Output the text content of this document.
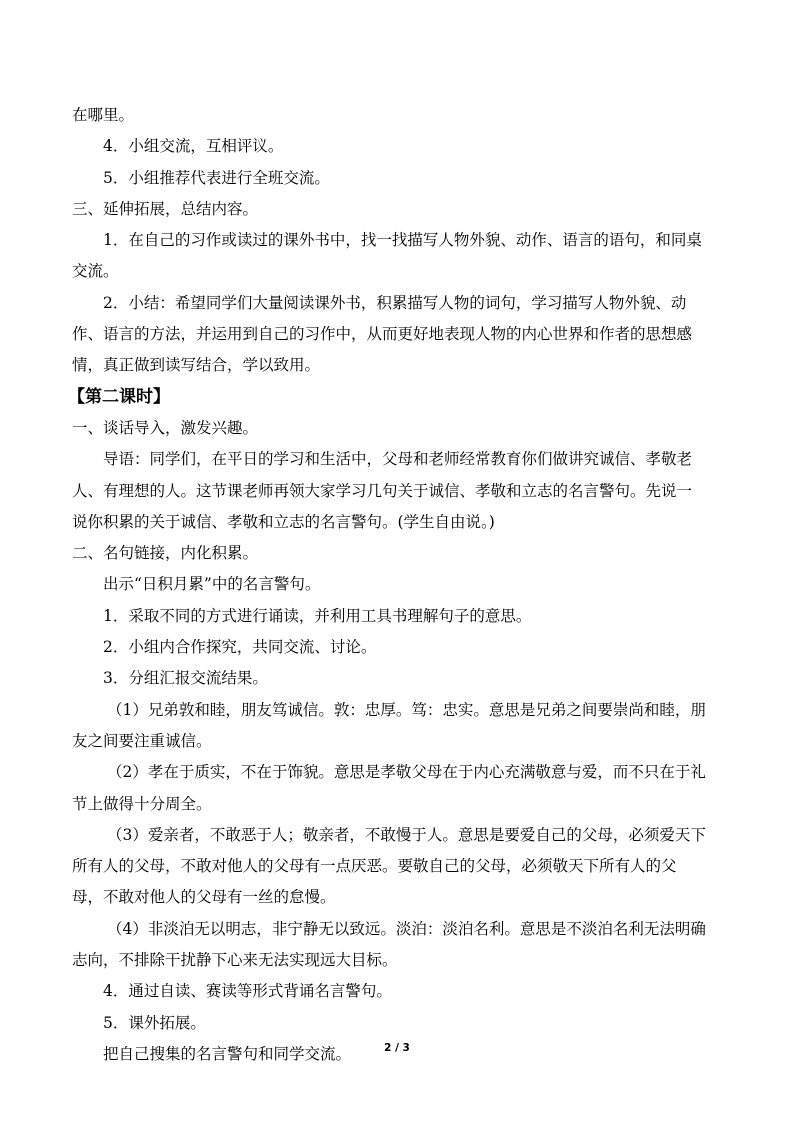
在哪里。
4．小组交流，互相评议。
5．小组推荐代表进行全班交流。
三、延伸拓展，总结内容。
1．在自己的习作或读过的课外书中，找一找描写人物外貌、动作、语言的语句，和同桌
交流。
2．小结：希望同学们大量阅读课外书，积累描写人物的词句，学习描写人物外貌、动
作、语言的方法，并运用到自己的习作中，从而更好地表现人物的内心世界和作者的思想感
情，真正做到读写结合，学以致用。
【第二课时】
一、谈话导入，激发兴趣。
导语：同学们，在平日的学习和生活中，父母和老师经常教育你们做讲究诚信、孝敬老
人、有理想的人。这节课老师再领大家学习几句关于诚信、孝敬和立志的名言警句。先说一
说你积累的关于诚信、孝敬和立志的名言警句。(学生自由说。)
二、名句链接，内化积累。
出示“日积月累”中的名言警句。
1．采取不同的方式进行诵读，并利用工具书理解句子的意思。
2．小组内合作探究，共同交流、讨论。
3．分组汇报交流结果。
（1）兄弟敦和睦，朋友笃诚信。敦：忠厚。笃：忠实。意思是兄弟之间要崇尚和睦，朋
友之间要注重诚信。
（2）孝在于质实，不在于饰貌。意思是孝敬父母在于内心充满敬意与爱，而不只在于礼
节上做得十分周全。
（3）爱亲者，不敢恶于人；敬亲者，不敢慢于人。意思是要爱自己的父母，必须爱天下
所有人的父母，不敢对他人的父母有一点厌恶。要敬自己的父母，必须敬天下所有人的父
母，不敢对他人的父母有一丝的怠慢。
（4）非淡泊无以明志，非宁静无以致远。淡泊：淡泊名利。意思是不淡泊名利无法明确
志向，不排除干扰静下心来无法实现远大目标。
4．通过自读、赛读等形式背诵名言警句。
5．课外拓展。
把自己搜集的名言警句和同学交流。	2 / 3
